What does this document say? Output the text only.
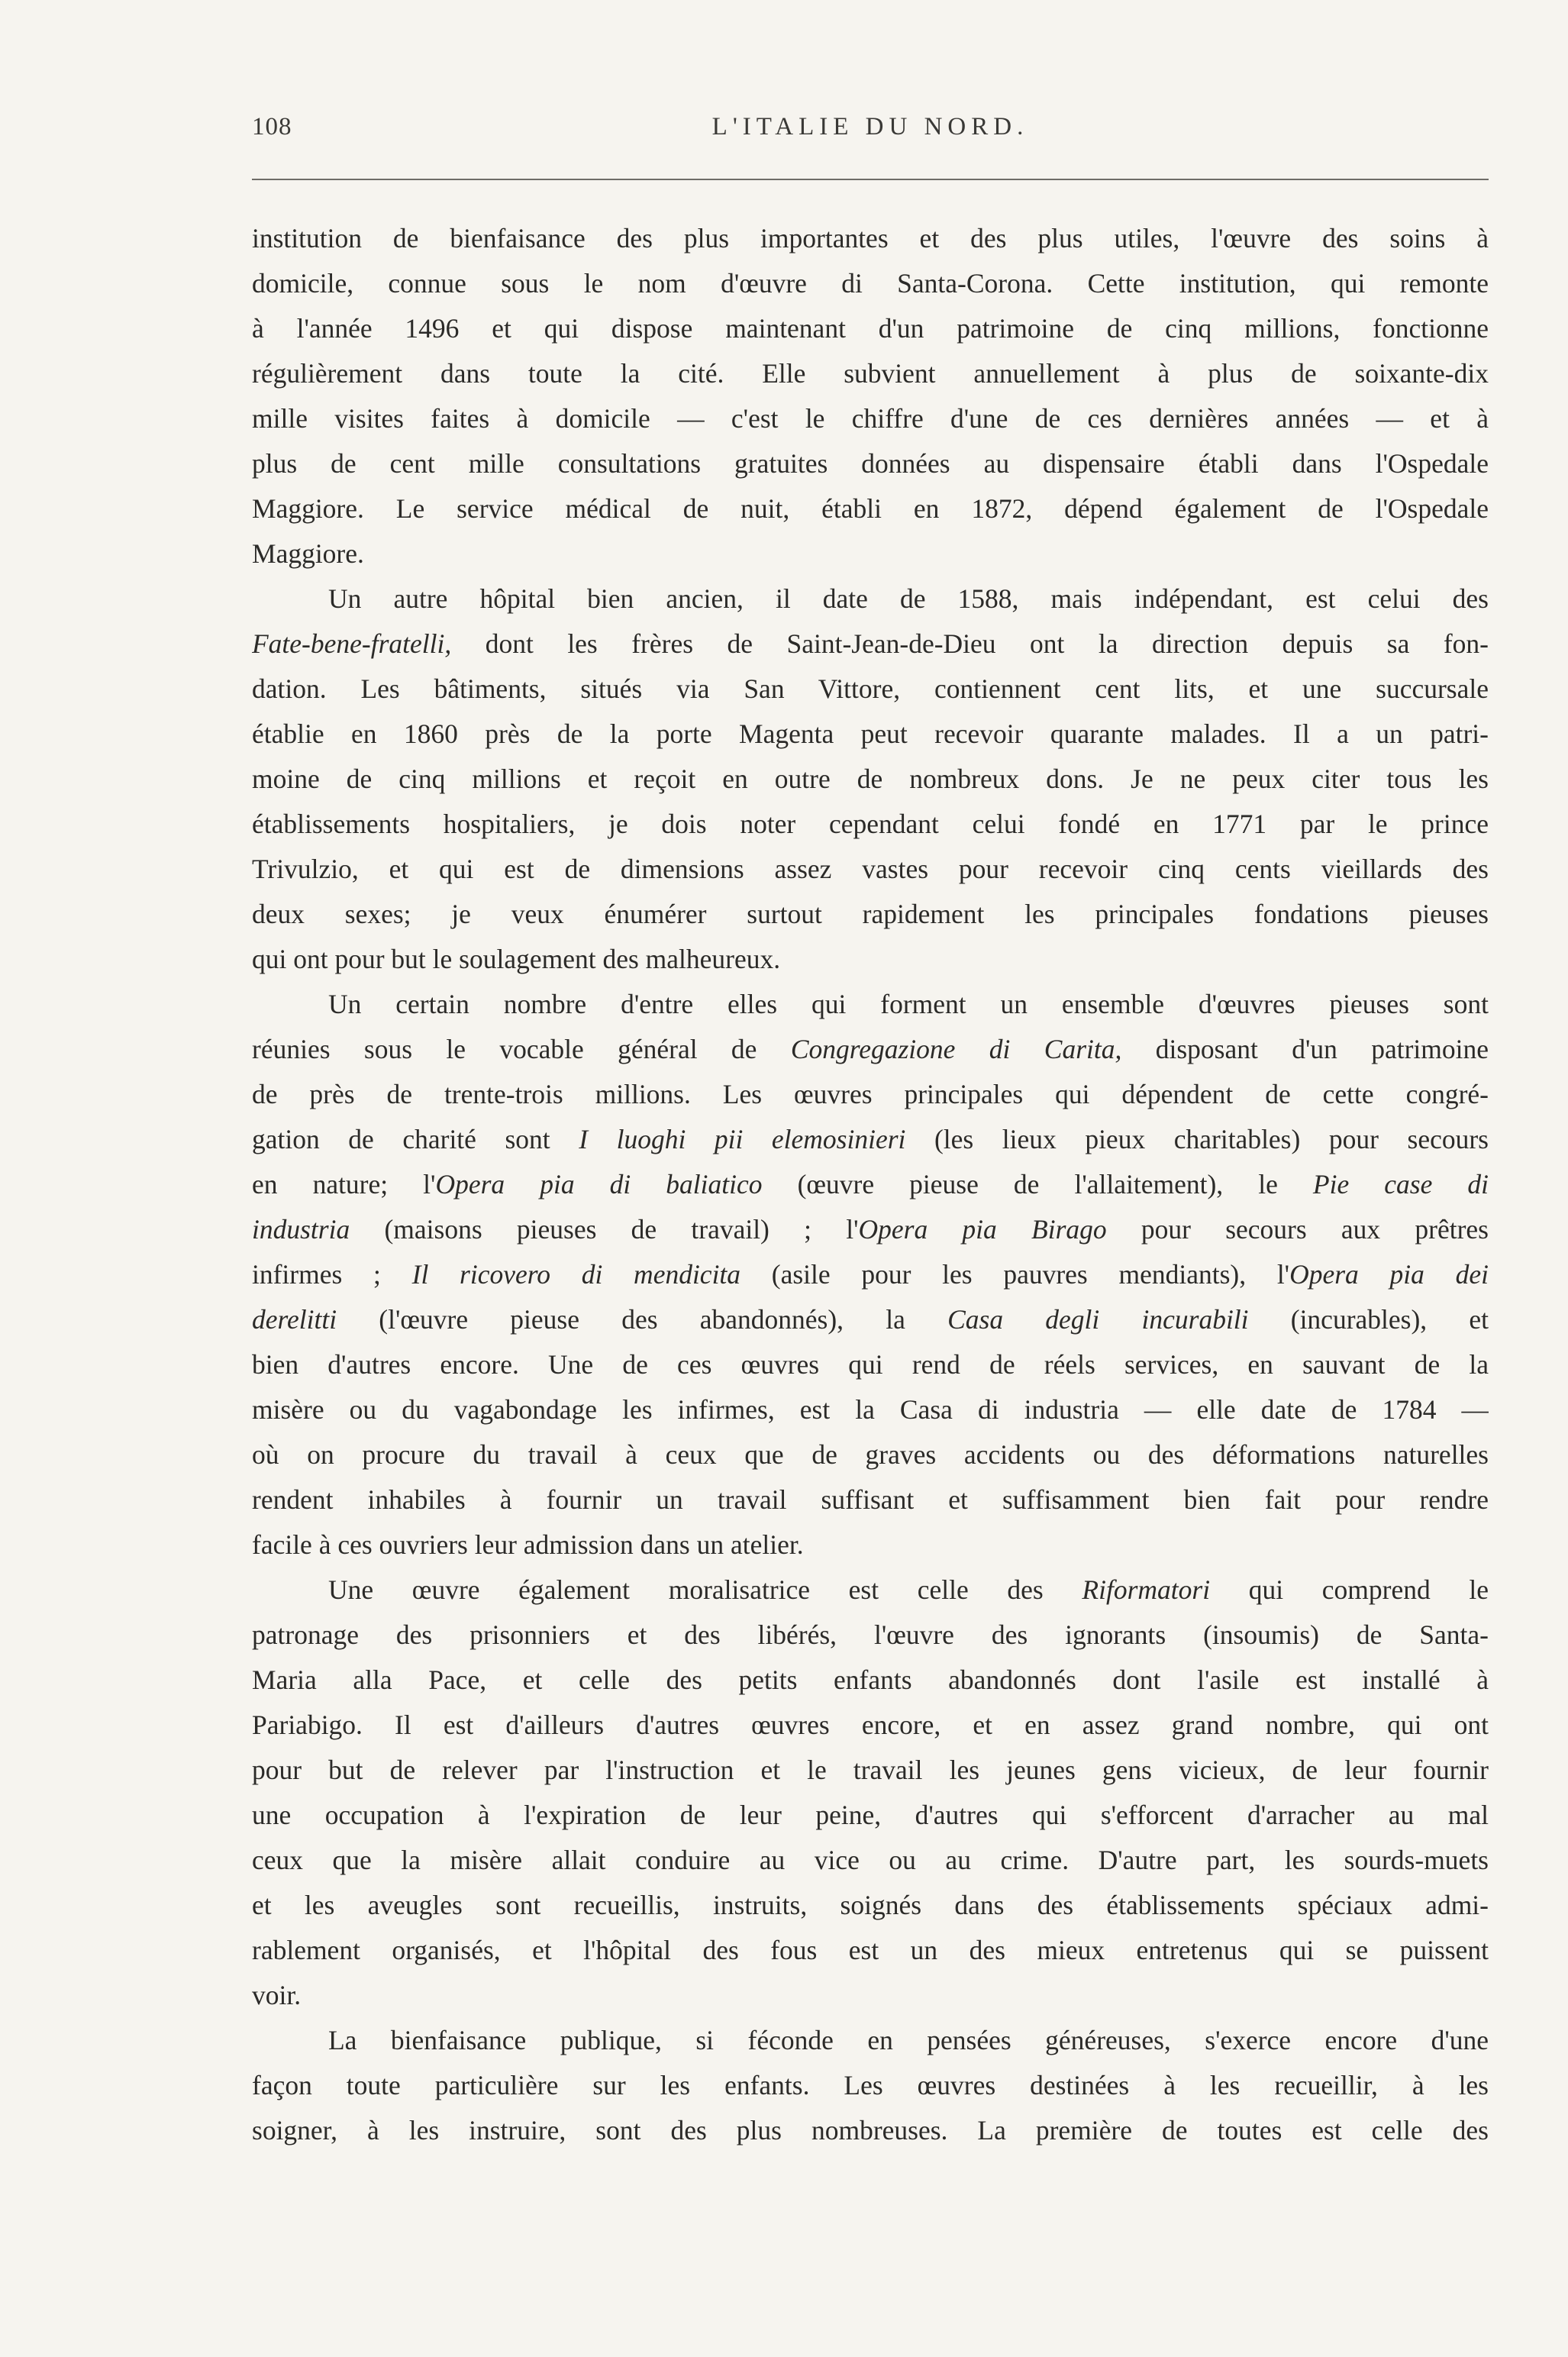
108	L'ITALIE DU NORD.
institution de bienfaisance des plus importantes et des plus utiles, l'œuvre des soins à
domicile, connue sous le nom d'œuvre di Santa-Corona. Cette institution, qui remonte
à l'année 1496 et qui dispose maintenant d'un patrimoine de cinq millions, fonctionne
régulièrement dans toute la cité. Elle subvient annuellement à plus de soixante-dix
mille visites faites à domicile — c'est le chiffre d'une de ces dernières années — et à
plus de cent mille consultations gratuites données au dispensaire établi dans l'Ospedale
Maggiore. Le service médical de nuit, établi en 1872, dépend également de l'Ospedale
Maggiore.
Un autre hôpital bien ancien, il date de 1588, mais indépendant, est celui des
Fate-bene-fratelli, dont les frères de Saint-Jean-de-Dieu ont la direction depuis sa fon-
dation. Les bâtiments, situés via San Vittore, contiennent cent lits, et une succursale
établie en 1860 près de la porte Magenta peut recevoir quarante malades. Il a un patri-
moine de cinq millions et reçoit en outre de nombreux dons. Je ne peux citer tous les
établissements hospitaliers, je dois noter cependant celui fondé en 1771 par le prince
Trivulzio, et qui est de dimensions assez vastes pour recevoir cinq cents vieillards des
deux sexes; je veux énumérer surtout rapidement les principales fondations pieuses
qui ont pour but le soulagement des malheureux.
Un certain nombre d'entre elles qui forment un ensemble d'œuvres pieuses sont
réunies sous le vocable général de Congregazione di Carita, disposant d'un patrimoine
de près de trente-trois millions. Les œuvres principales qui dépendent de cette congré-
gation de charité sont I luoghi pii elemosinieri (les lieux pieux charitables) pour secours
en nature; l'Opera pia di baliatico (œuvre pieuse de l'allaitement), le Pie case di
industria (maisons pieuses de travail) ; l'Opera pia Birago pour secours aux prêtres
infirmes ; Il ricovero di mendicita (asile pour les pauvres mendiants), l'Opera pia dei
derelitti (l'œuvre pieuse des abandonnés), la Casa degli incurabili (incurables), et
bien d'autres encore. Une de ces œuvres qui rend de réels services, en sauvant de la
misère ou du vagabondage les infirmes, est la Casa di industria — elle date de 1784 —
où on procure du travail à ceux que de graves accidents ou des déformations naturelles
rendent inhabiles à fournir un travail suffisant et suffisamment bien fait pour rendre
facile à ces ouvriers leur admission dans un atelier.
Une œuvre également moralisatrice est celle des Riformatori qui comprend le
patronage des prisonniers et des libérés, l'œuvre des ignorants (insoumis) de Santa-
Maria alla Pace, et celle des petits enfants abandonnés dont l'asile est installé à
Pariabigo. Il est d'ailleurs d'autres œuvres encore, et en assez grand nombre, qui ont
pour but de relever par l'instruction et le travail les jeunes gens vicieux, de leur fournir
une occupation à l'expiration de leur peine, d'autres qui s'efforcent d'arracher au mal
ceux que la misère allait conduire au vice ou au crime. D'autre part, les sourds-muets
et les aveugles sont recueillis, instruits, soignés dans des établissements spéciaux admi-
rablement organisés, et l'hôpital des fous est un des mieux entretenus qui se puissent
voir.
La bienfaisance publique, si féconde en pensées généreuses, s'exerce encore d'une
façon toute particulière sur les enfants. Les œuvres destinées à les recueillir, à les
soigner, à les instruire, sont des plus nombreuses. La première de toutes est celle des
